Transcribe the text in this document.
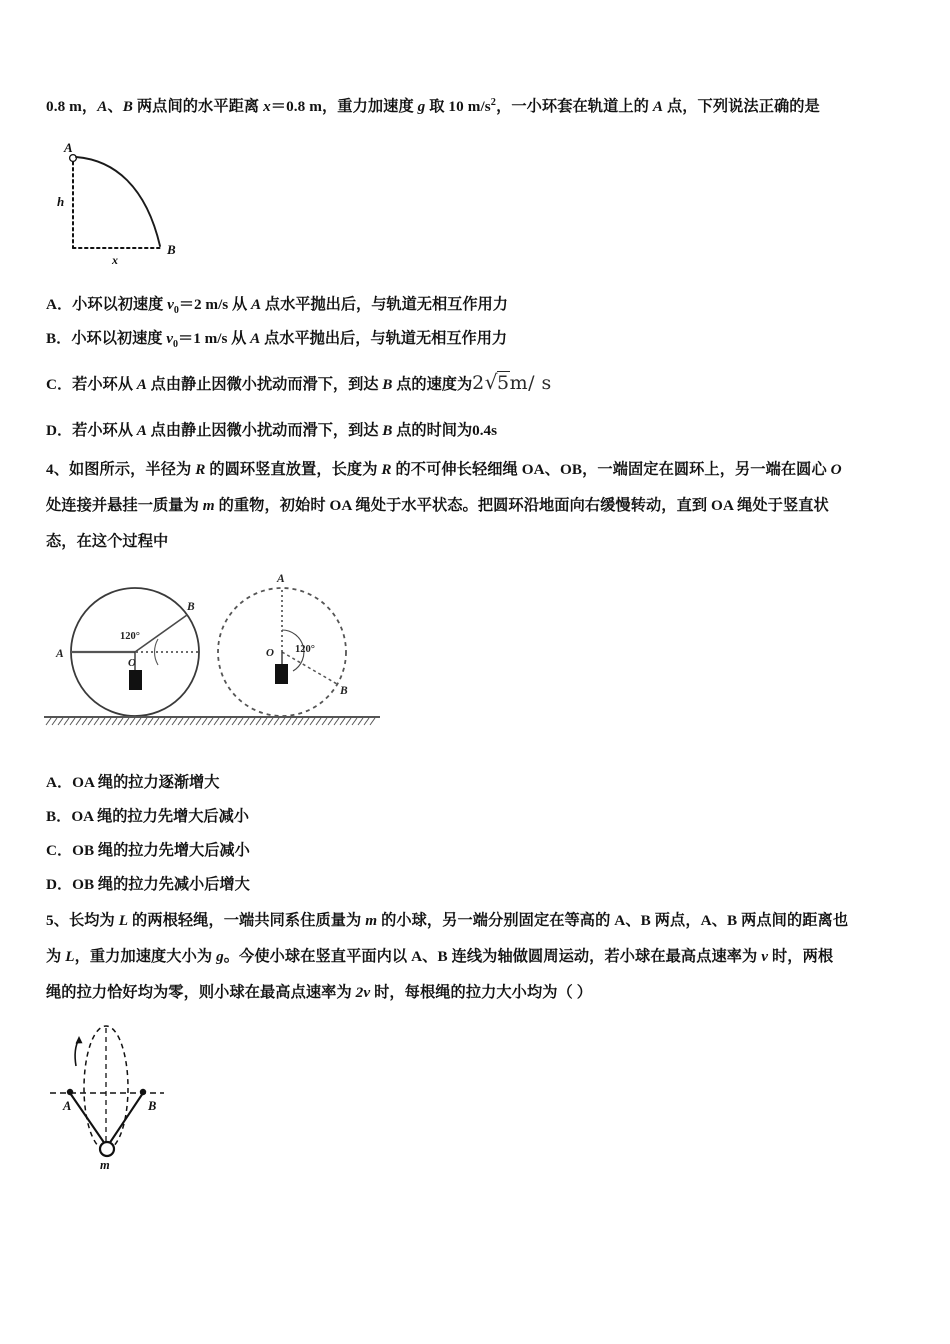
0.8 m，A、B 两点间的水平距离 x＝0.8 m，重力加速度 g 取 10 $m/s^2$，一小环套在轨道上的 A 点，下列说法正确的是
A
h
x
B
A．小环以初速度 $v_0=2$ m/s 从 A 点水平抛出后，与轨道无相互作用力
B．小环以初速度 $v_0=1$ m/s 从 A 点水平抛出后，与轨道无相互作用力
C．若小环从 A 点由静止因微小扰动而滑下，到达 B 点的速度为2√5m/ s
D．若小环从 A 点由静止因微小扰动而滑下，到达 B 点的时间为0.4s
4、如图所示，半径为 R 的圆环竖直放置，长度为 R 的不可伸长轻细绳 OA、OB，一端固定在圆环上，另一端在圆心 O
处连接并悬挂一质量为 m 的重物，初始时 OA 绳处于水平状态。把圆环沿地面向右缓慢转动，直到 OA 绳处于竖直状
态，在这个过程中
A
B
O
120°
A
B
O 120°
A．OA 绳的拉力逐渐增大
B．OA 绳的拉力先增大后减小
C．OB 绳的拉力先增大后减小
D．OB 绳的拉力先减小后增大
5、长均为 L 的两根轻绳，一端共同系住质量为 m 的小球，另一端分别固定在等高的 A、B 两点，A、B 两点间的距离也
为 L，重力加速度大小为 g。今使小球在竖直平面内以 A、B 连线为轴做圆周运动，若小球在最高点速率为 v 时，两根
绳的拉力恰好均为零，则小球在最高点速率为 2v 时，每根绳的拉力大小均为（ ）
A	B
m
